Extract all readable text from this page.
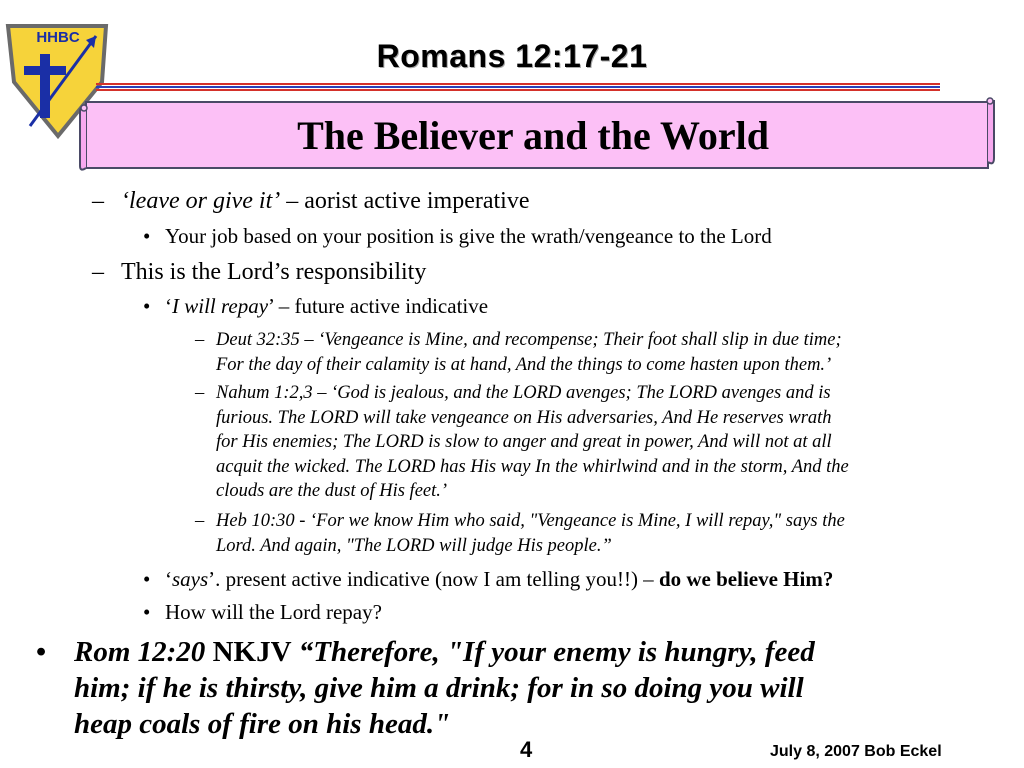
HHBC
Romans 12:17-21
The Believer and the World
– ‘leave or give it’ – aorist active imperative
• Your job based on your position is give the wrath/vengeance to the Lord
– This is the Lord’s responsibility
• ‘I will repay’ – future active indicative
– Deut 32:35 – ‘Vengeance is Mine, and recompense; Their foot shall slip in due time;
For the day of their calamity is at hand, And the things to come hasten upon them.’
– Nahum 1:2,3 – ‘God is jealous, and the LORD avenges; The LORD avenges and is
furious. The LORD will take vengeance on His adversaries, And He reserves wrath
for His enemies; The LORD is slow to anger and great in power, And will not at all
acquit the wicked. The LORD has His way In the whirlwind and in the storm, And the
clouds are the dust of His feet.’
– Heb 10:30 - ‘For we know Him who said, "Vengeance is Mine, I will repay," says the
Lord. And again, "The LORD will judge His people.”
• ‘says’. present active indicative (now I am telling you!!) – do we believe Him?
• How will the Lord repay?
• Rom 12:20 NKJV “Therefore, "If your enemy is hungry, feed
him; if he is thirsty, give him a drink; for in so doing you will
heap coals of fire on his head."
4	July 8, 2007 Bob Eckel
